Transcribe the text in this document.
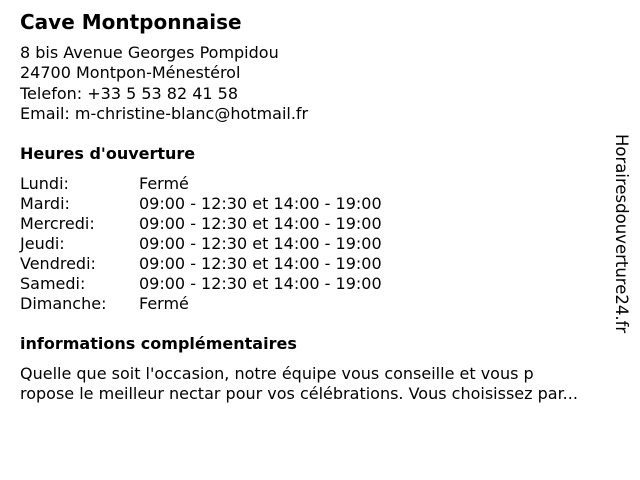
Cave Montponnaise
8 bis Avenue Georges Pompidou
24700 Montpon-Ménestérol
Telefon: +33 5 53 82 41 58
Email: m-christine-blanc@hotmail.fr
Heures d'ouverture
Lundi:	Fermé
Mardi:	09:00 - 12:30 et 14:00 - 19:00
Mercredi:	09:00 - 12:30 et 14:00 - 19:00
Jeudi:	09:00 - 12:30 et 14:00 - 19:00
Vendredi:	09:00 - 12:30 et 14:00 - 19:00
Samedi:	09:00 - 12:30 et 14:00 - 19:00
Dimanche: Fermé
informations complémentaires
Quelle que soit l'occasion, notre équipe vous conseille et vous p
ropose le meilleur nectar pour vos célébrations. Vous choisissez par...
Horairesdouverture24.fr
